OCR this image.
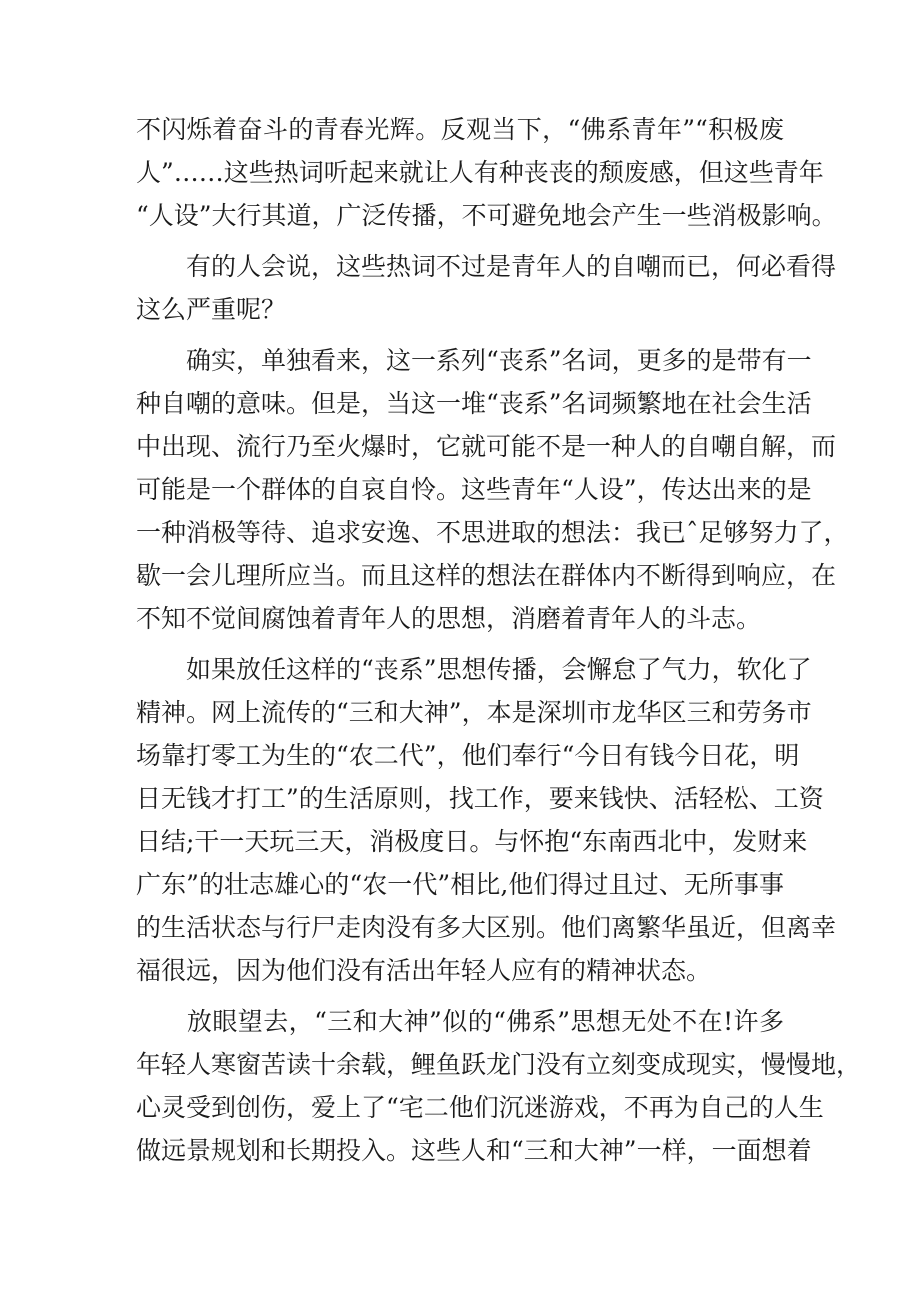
不闪烁着奋斗的青春光辉。反观当下，“佛系青年”“积极废
人”……这些热词听起来就让人有种丧丧的颓废感，但这些青年
“人设”大行其道，广泛传播，不可避免地会产生一些消极影响。
　　有的人会说，这些热词不过是青年人的自嘲而已，何必看得
这么严重呢？
　　确实，单独看来，这一系列“丧系”名词，更多的是带有一
种自嘲的意味。但是，当这一堆“丧系”名词频繁地在社会生活
中出现、流行乃至火爆时，它就可能不是一种人的自嘲自解，而
可能是一个群体的自哀自怜。这些青年“人设”，传达出来的是
一种消极等待、追求安逸、不思进取的想法：我已ˆ足够努力了，
歇一会儿理所应当。而且这样的想法在群体内不断得到响应，在
不知不觉间腐蚀着青年人的思想，消磨着青年人的斗志。
　　如果放任这样的“丧系”思想传播，会懈怠了气力，软化了
精神。网上流传的“三和大神”，本是深圳市龙华区三和劳务市
场靠打零工为生的“农二代”，他们奉行“今日有钱今日花，明
日无钱才打工”的生活原则，找工作，要来钱快、活轻松、工资
日结;干一天玩三天，消极度日。与怀抱“东南西北中，发财来
广东”的壮志雄心的“农一代”相比,他们得过且过、无所事事
的生活状态与行尸走肉没有多大区别。他们离繁华虽近，但离幸
福很远，因为他们没有活出年轻人应有的精神状态。
　　放眼望去，“三和大神”似的“佛系”思想无处不在!许多
年轻人寒窗苦读十余载，鲤鱼跃龙门没有立刻变成现实，慢慢地，
心灵受到创伤，爱上了“宅二他们沉迷游戏，不再为自己的人生
做远景规划和长期投入。这些人和“三和大神”一样，一面想着
